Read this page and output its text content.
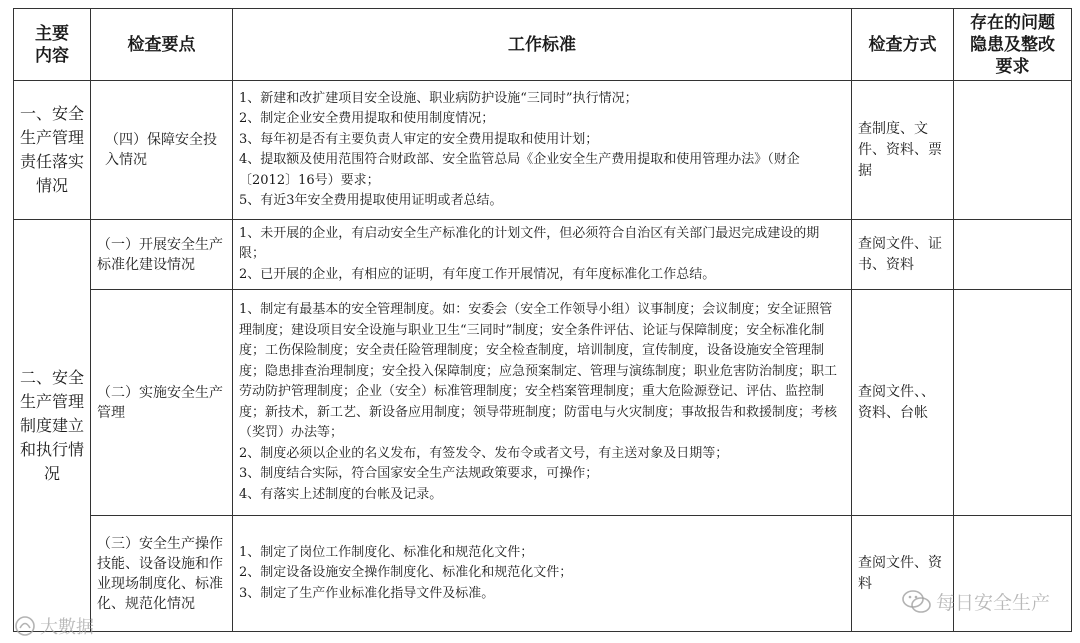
主要内容	检查要点	工作标准	检查方式	存在的问题隐患及整改要求
一、安全生产管理责任落实情况	（四）保障安全投入情况	1、新建和改扩建项目安全设施、职业病防护设施“三同时”执行情况；
2、制定企业安全费用提取和使用制度情况；
3、每年初是否有主要负责人审定的安全费用提取和使用计划；
4、提取额及使用范围符合财政部、安全监管总局《企业安全生产费用提取和使用管理办法》（财企〔2012〕16号）要求；
5、有近3年安全费用提取使用证明或者总结。	查制度、文件、资料、票据	
二、安全生产管理制度建立和执行情况	（一）开展安全生产标准化建设情况	1、未开展的企业，有启动安全生产标准化的计划文件，但必须符合自治区有关部门最迟完成建设的期限；
2、已开展的企业，有相应的证明，有年度工作开展情况，有年度标准化工作总结。	查阅文件、证书、资料	
	（二）实施安全生产管理	1、制定有最基本的安全管理制度。如：安委会（安全工作领导小组）议事制度；会议制度；安全证照管理制度；建设项目安全设施与职业卫生“三同时”制度；安全条件评估、论证与保障制度；安全标准化制度；工伤保险制度；安全责任险管理制度；安全检查制度，培训制度，宣传制度，设备设施安全管理制度；隐患排查治理制度；安全投入保障制度；应急预案制定、管理与演练制度；职业危害防治制度；职工劳动防护管理制度；企业（安全）标准管理制度；安全档案管理制度；重大危险源登记、评估、监控制度；新技术，新工艺、新设备应用制度；领导带班制度；防雷电与火灾制度；事故报告和救援制度；考核（奖罚）办法等；
2、制度必须以企业的名义发布，有签发令、发布令或者文号，有主送对象及日期等；
3、制度结合实际，符合国家安全生产法规政策要求，可操作；
4、有落实上述制度的台帐及记录。	查阅文件、、资料、台帐	
	（三）安全生产操作技能、设备设施和作业现场制度化、标准化、规范化情况	1、制定了岗位工作制度化、标准化和规范化文件；
2、制定设备设施安全操作制度化、标准化和规范化文件；
3、制定了生产作业标准化指导文件及标准。	查阅文件、资料	
每日安全生产
大數据
